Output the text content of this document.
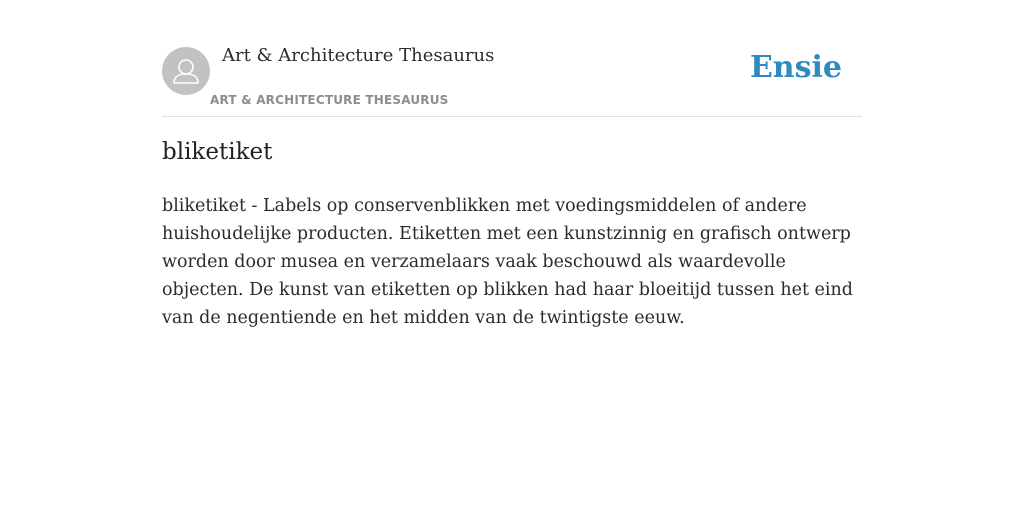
Art & Architecture Thesaurus
ART & ARCHITECTURE THESAURUS
Ensie
bliketiket

bliketiket - Labels op conservenblikken met voedingsmiddelen of andere huishoudelijke producten. Etiketten met een kunstzinnig en grafisch ontwerp worden door musea en verzamelaars vaak beschouwd als waardevolle objecten. De kunst van etiketten op blikken had haar bloeitijd tussen het eind van de negentiende en het midden van de twintigste eeuw.
